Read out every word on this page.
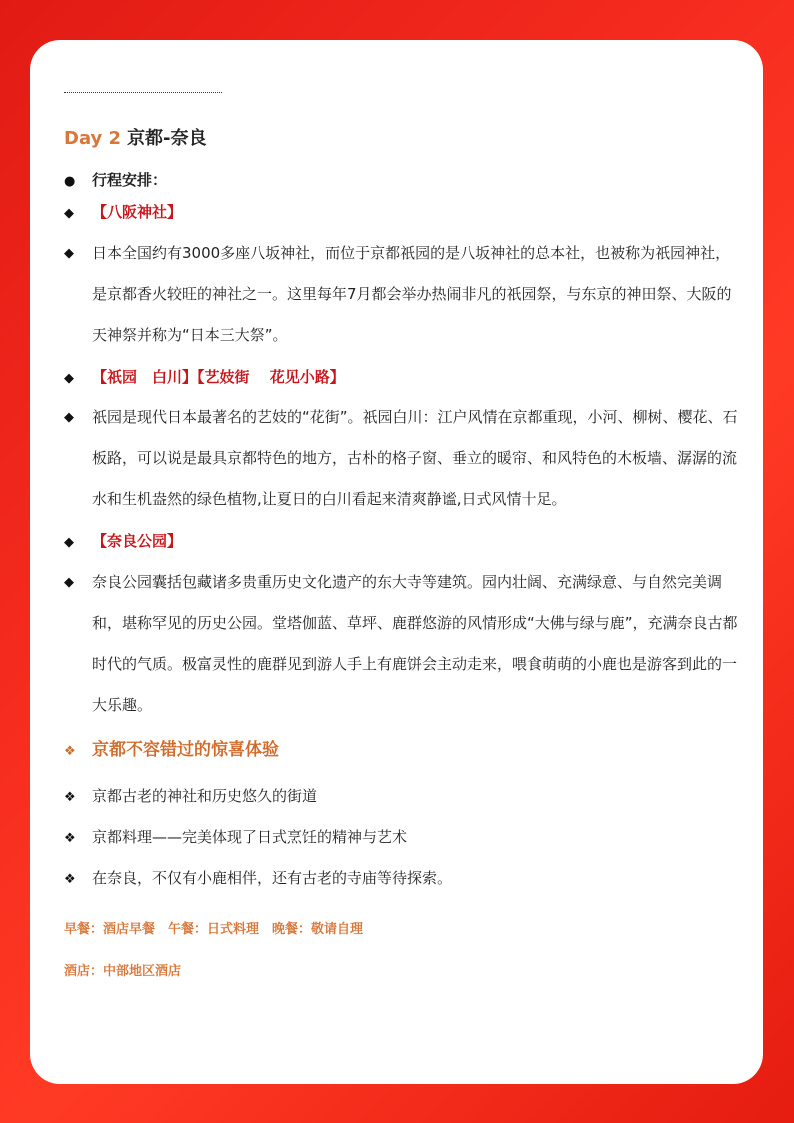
Day 2 京都-奈良
● 行程安排：
◆ 【八阪神社】
◆	日本全国约有3000多座八坂神社，而位于京都祇园的是八坂神社的总本社，也被称为祇园神社，是京都香火较旺的神社之一。这里每年7月都会举办热闹非凡的祇园祭，与东京的神田祭、大阪的天神祭并称为“日本三大祭”。
◆ 【祇园　白川】【艺妓街　 花见小路】
◆	祇园是现代日本最著名的艺妓的“花街”。祇园白川：江户风情在京都重现，小河、柳树、樱花、石板路，可以说是最具京都特色的地方，古朴的格子窗、垂立的暖帘、和风特色的木板墙、潺潺的流水和生机盎然的绿色植物,让夏日的白川看起来清爽静谧,日式风情十足。
◆ 【奈良公园】
◆	奈良公园囊括包藏诸多贵重历史文化遗产的东大寺等建筑。园内壮阔、充满绿意、与自然完美调和，堪称罕见的历史公园。堂塔伽蓝、草坪、鹿群悠游的风情形成“大佛与绿与鹿”，充满奈良古都时代的气质。极富灵性的鹿群见到游人手上有鹿饼会主动走来，喂食萌萌的小鹿也是游客到此的一大乐趣。
❖ 京都不容错过的惊喜体验
❖ 京都古老的神社和历史悠久的街道
❖ 京都料理——完美体现了日式烹饪的精神与艺术
❖ 在奈良，不仅有小鹿相伴，还有古老的寺庙等待探索。
早餐：酒店早餐　午餐：日式料理　晚餐：敬请自理
酒店：中部地区酒店
